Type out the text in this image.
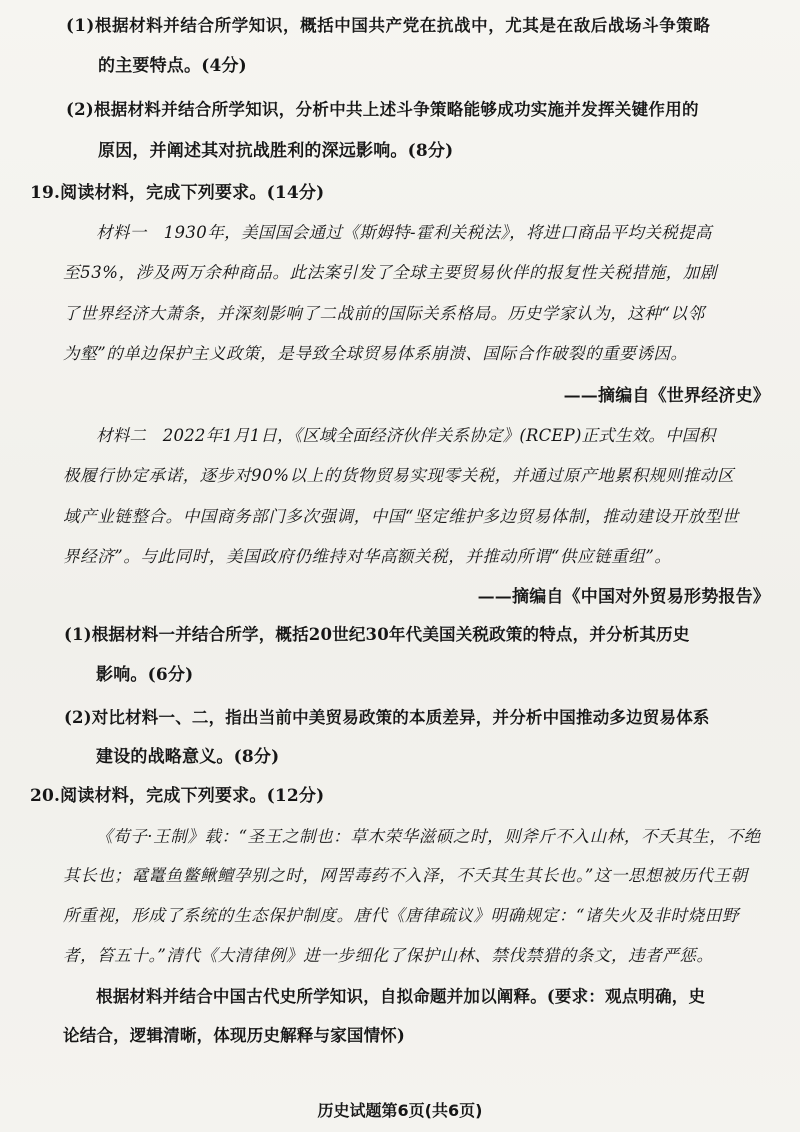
(1)根据材料并结合所学知识，概括中国共产党在抗战中，尤其是在敌后战场斗争策略
的主要特点。(4分)
(2)根据材料并结合所学知识，分析中共上述斗争策略能够成功实施并发挥关键作用的
原因，并阐述其对抗战胜利的深远影响。(8分)
19.阅读材料，完成下列要求。(14分)
材料一　1930年，美国国会通过《斯姆特-霍利关税法》，将进口商品平均关税提高
至53%，涉及两万余种商品。此法案引发了全球主要贸易伙伴的报复性关税措施，加剧
了世界经济大萧条，并深刻影响了二战前的国际关系格局。历史学家认为，这种“以邻
为壑”的单边保护主义政策，是导致全球贸易体系崩溃、国际合作破裂的重要诱因。
——摘编自《世界经济史》
材料二　2022年1月1日，《区域全面经济伙伴关系协定》(RCEP)正式生效。中国积
极履行协定承诺，逐步对90%以上的货物贸易实现零关税，并通过原产地累积规则推动区
域产业链整合。中国商务部门多次强调，中国“坚定维护多边贸易体制，推动建设开放型世
界经济”。与此同时，美国政府仍维持对华高额关税，并推动所谓“供应链重组”。
——摘编自《中国对外贸易形势报告》
(1)根据材料一并结合所学，概括20世纪30年代美国关税政策的特点，并分析其历史
影响。(6分)
(2)对比材料一、二，指出当前中美贸易政策的本质差异，并分析中国推动多边贸易体系
建设的战略意义。(8分)
20.阅读材料，完成下列要求。(12分)
《荀子·王制》载：“圣王之制也：草木荣华滋硕之时，则斧斤不入山林，不夭其生，不绝
其长也；鼋鼍鱼鳖鳅鳣孕别之时，网罟毒药不入泽，不夭其生其长也。”这一思想被历代王朝
所重视，形成了系统的生态保护制度。唐代《唐律疏议》明确规定：“诸失火及非时烧田野
者，笞五十。”清代《大清律例》进一步细化了保护山林、禁伐禁猎的条文，违者严惩。
根据材料并结合中国古代史所学知识，自拟命题并加以阐释。(要求：观点明确，史
论结合，逻辑清晰，体现历史解释与家国情怀)
历史试题第6页(共6页)
